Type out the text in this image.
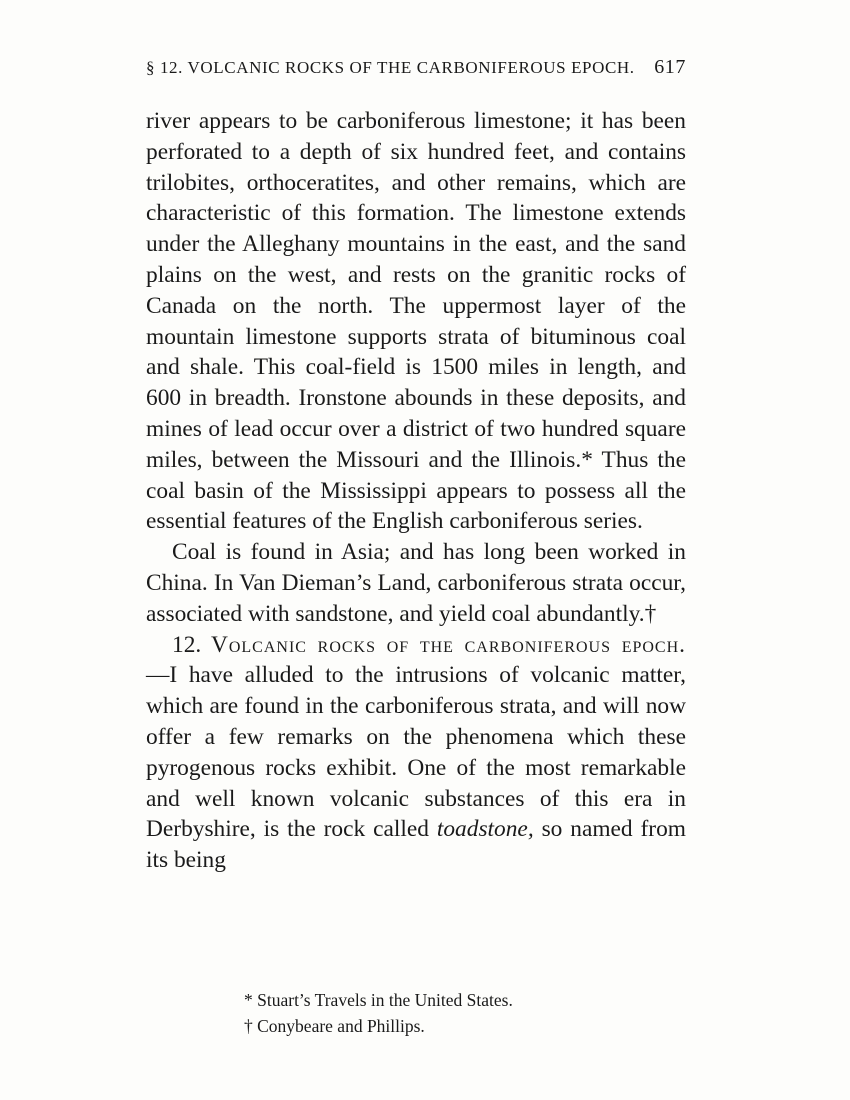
§ 12. VOLCANIC ROCKS OF THE CARBONIFEROUS EPOCH. 617

river appears to be carboniferous limestone; it has been perforated to a depth of six hundred feet, and contains trilobites, orthoceratites, and other remains, which are characteristic of this formation. The limestone extends under the Alleghany mountains in the east, and the sand plains on the west, and rests on the granitic rocks of Canada on the north. The uppermost layer of the mountain limestone supports strata of bituminous coal and shale. This coal-field is 1500 miles in length, and 600 in breadth. Ironstone abounds in these deposits, and mines of lead occur over a district of two hundred square miles, between the Missouri and the Illinois.* Thus the coal basin of the Mississippi appears to possess all the essential features of the English carboniferous series.

Coal is found in Asia; and has long been worked in China. In Van Dieman’s Land, carboniferous strata occur, associated with sandstone, and yield coal abundantly.†

12. Volcanic rocks of the carboniferous epoch.—I have alluded to the intrusions of volcanic matter, which are found in the carboniferous strata, and will now offer a few remarks on the phenomena which these pyrogenous rocks exhibit. One of the most remarkable and well known volcanic substances of this era in Derbyshire, is the rock called toadstone, so named from its being

* Stuart’s Travels in the United States.
† Conybeare and Phillips.
